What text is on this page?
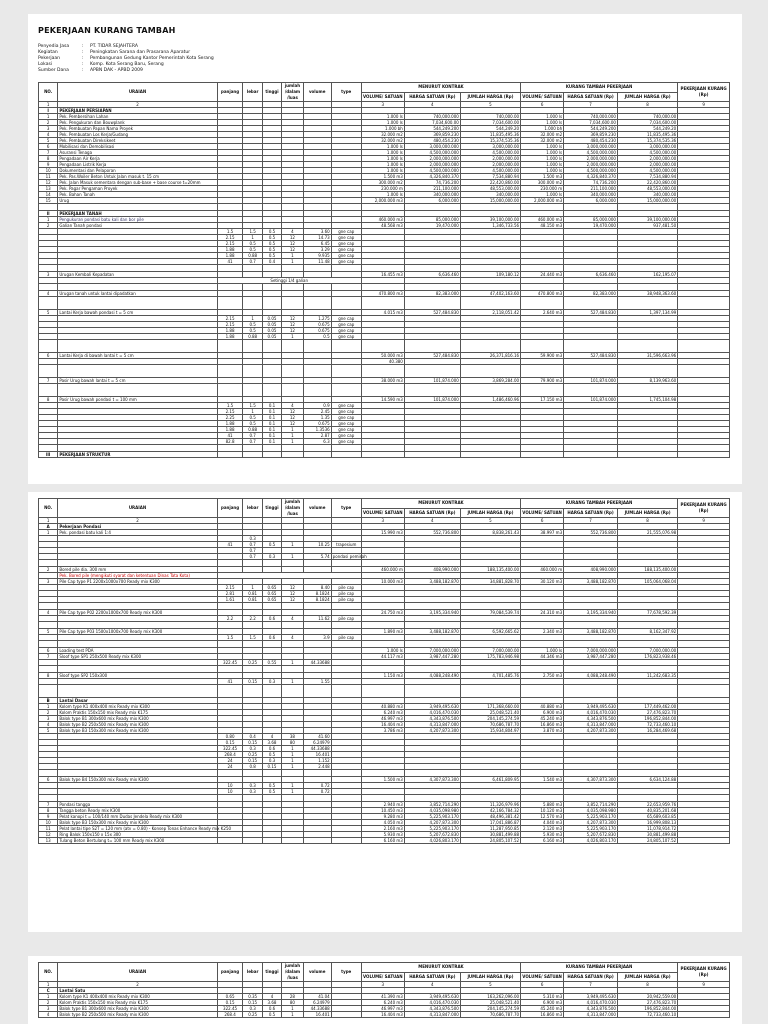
PEKERJAAN KURANG TAMBAH
Penyedia Jasa	:	PT. TIDAR SEJAHTERA
Kegiatan	:	Peningkatan Sarana dan Prasarana Aparatur
Pekerjaan	:	Pembangunan Gedung Kantor Pemerintah Kota Serang
Lokasi	:	Komp. Kota Serang Baru, Serang
Sumber Dana	:	APBN DAK - APBD 2009
NO.	URAIAN	panjang	lebar	tinggi	jumlah /dalam /luas	volume	type	MENURUT KONTRAK			KURANG TAMBAH PEKERJAAN			PEKERJAAN KURANG (Rp)
								VOLUME/ SATUAN	HARGA SATUAN (Rp)	JUMLAH HARGA (Rp)	VOLUME/ SATUAN	HARGA SATUAN (Rp)	JUMLAH HARGA (Rp)	
1	2							3	4	5	6	7	8	9
I	PEKERJAAN PERSIAPAN													
1	Pek. Pembersihan Lahan							1.000 ls	740,000.000	740,000.00	1.000 ls	740,000.000	740,000.00	
2	Pek. Pengukuran dan Bouwplank							1.000 ls	7,034,600.00	7,034,600.00	1.000 ls	7,034,600.00	7,034,600.00	
3	Pek. Pembuatan Papan Nama Proyek							1.000 bh	544,249.200	544,249.20	1.000 bh	544,249.200	544,249.20	
4	Pek. Pembuatan Los Kerja/Gudang							32.000 m2	369,859.230	11,835,495.36	32.000 m2	369,859.230	11,835,495.36	
5	Pek. Pembuatan Direksikeet							32.000 m2	480,454.230	15,374,535.36	32.000 m2	480,454.230	15,374,535.36	
6	Mobilisasi dan Demobilisasi							1.000 ls	3,000,000.000	3,000,000.00	1.000 ls	3,000,000.000	3,000,000.00	
7	Asuransi Tenaga							1.000 ls	4,500,000.000	4,500,000.00	1.000 ls	4,500,000.000	4,500,000.00	
8	Pengadaan Air Kerja							1.000 ls	2,000,000.000	2,000,000.00	1.000 ls	2,000,000.000	2,000,000.00	
9	Pengadaan Listrik Kerja							1.000 ls	2,000,000.000	2,000,000.00	1.000 ls	2,000,000.000	2,000,000.00	
10	Dokumentasi dan Pelaporan							1.000 ls	4,500,000.000	4,500,000.00	1.000 ls	4,500,000.000	4,500,000.00	
11	Pek. Pas.Woiler Beton Untuk Jalan masuk t. 15 cm							1.500 m3	4,326,840.370	7,534,880.94	1.500 m3	4,326,840.370	7,534,880.94	
12	Pek. Jalan Masuk sementara dengan sub-base + base course t=20mm							300.000 m2	74,736.200	22,420,860.00	300.000 m2	74,736.200	22,420,860.00	
13	Pek. Pagar Pengaman Proyek							230.000 m	211,100.000	48,553,000.00	230.000 m	211,100.000	48,553,000.00	
14	Pek. Bahan Tanah							1.000 ls	340,000.000	340,000.00	1.000 ls	340,000.000	340,000.00	
15	Urug							2,000.000 m3	6,000.000	15,000,000.00	2,000.000 m3	6,000.000	15,000,000.00	

II	PEKERJAAN TANAH													
1	Pengukuran pondasi batu kali dan bor pile							460.000 m3	85,000.000	39,100,000.00	460.000 m3	85,000.000	39,100,000.00	
2	Galian Tanah pondasi							48.568 m3	19,470.000	1,346,733.56	48.150 m3	19,470.000	937,481.50	
		1.5	1.5	0.5	4	3.60	gne cap							
		2.15	1	0.5	12	14.73	gne cap							
		2.15	0.5	0.5	12	6.45	gne cap							
		1.88	0.5	0.5	12	3.29	gne cap							
		1.88	0.88	0.5	1	9.935	gne cap							
		41	0.7	0.4	1	11.48	gne cap							

3	Urugan Kembali Kepadatan							16.455 m3	6,636.460	109,180.12	24.440 m3	6,636.460	162,195.07	
		Setinggi 1/4 galian												

4	Urugan tanah untuk lantai dipadatkan							470.800 m3	82,383.000	47,402,163.60	470.800 m3	82,383.000	38,948,363.60	

5	Lantai Kerja bawah pondasi t = 5 cm							4.015 m3	527,484.830	2,118,051.42	2.640 m3	527,484.830	1,397,134.99	
		2.15	1	0.05	12	1.275	gne cap							
		2.15	0.5	0.05	12	0.675	gne cap							
		1.88	0.5	0.05	12	0.675	gne cap							
		1.88	0.88	0.05	1	0.5	gne cap							

6	Lantai Kerja di bawah lantai t = 5 cm							50.000 m3	527,484.830	26,371,816.16	59.900 m3	527,484.830	31,596,663.96	
								40.380						

7	Pasir Urug bawah lantai t = 5 cm							38.000 m3	101,874.000	3,869,284.00	79.900 m3	101,874.000	8,139,963.60	

8	Pasir Urug bawah pondasi t = 100 mm							14.590 m3	101,874.000	1,486,460.96	17.150 m3	101,874.000	1,745,104.98	
		1.5	1.5	0.1	4	0.9	gne cap							
		2.15	1	0.1	12	2.45	gne cap							
		2.25	0.5	0.1	12	1.35	gne cap							
		1.88	0.5	0.1	12	0.675	gne cap							
		1.88	0.88	0.1	1	1.3536	gne cap							
		41	0.7	0.1	1	2.87	gne cap							
		82.8	0.7	0.1	1	6.3	gne cap							

III	PEKERJAAN STRUKTUR													
NO.	URAIAN	panjang	lebar	tinggi	jumlah /dalam /luas	volume	type	MENURUT KONTRAK			KURANG TAMBAH PEKERJAAN			PEKERJAAN KURANG (Rp)
								VOLUME/ SATUAN	HARGA SATUAN (Rp)	JUMLAH HARGA (Rp)	VOLUME/ SATUAN	HARGA SATUAN (Rp)	JUMLAH HARGA (Rp)	
1	2							3	4	5	6	7	8	9
A	Pekerjaan Pondasi													
1	Pek. pondasi batu kali 1:4							15.990 m3	552,736.800	8,838,261.43	38.997 m3	552,736.800	21,555,076.98	
			0.3											
		41	0.7	0.5	1	10.25	trapesium							
			0.7											
			0.7	0.3	1	5.74	pondasi pemisah							

2	Bored pile dia. 300 mm							460.000 m	408,990.000	188,135,400.00	460.000 m	408,990.000	188,135,400.00	
	Pek. Bored pile (mengikuti syarat dan ketentuan Dinas Tata Kota)													
3	Pile Cap type P1 2200x1000x700 Ready mix K300							10.000 m3	3,488,182.870	34,881,828.70	30.120 m3	3,488,182.870	105,064,068.04	
		2.15	1	0.65	12	8.40	pile cap							
		2.81	0.81	0.65	12	8.1824	pile cap							
		1.61	0.81	0.65	12	8.1824	pile cap							

4	Pile Cap type P02 2200x1000x700 Ready mix K300							24.750 m3	3,195,334.940	79,084,539.74	24.310 m3	3,195,334.940	77,678,592.39	
		2.2	2.2	0.6	4	11.62	pile cap							

5	Pile Cap type P03 1500x1000x700 Ready mix K300							1.890 m3	3,488,182.870	6,592,665.62	2.340 m3	3,488,182.870	8,162,347.92	
		1.5	1.5	0.6	4	3.9	pile cap							

6	Loading test PDA							1.000 ls	7,000,000.000	7,000,000.00	1.000 ls	7,000,000.000	7,000,000.00	
7	Sloof type SP1 250x500 Ready mix K300							44.117 m3	3,987,447.280	175,783,946.98	44.346 m3	3,987,447.280	176,823,938.46	
		322.45	0.25	0.55	1	44.33688								

8	Sloof type SP2 150x300							1.150 m3	4,088,248.490	4,701,485.76	2.750 m3	4,088,248.490	11,242,683.35	
		41	0.15	0.3	1	1.55								

B	Lantai Dasar													
1	Kolom type K1 400x400 mix Ready mix K300							40.880 m3	3,949,495.630	171,368,660.00	40.880 m3	3,949,495.630	177,449,462.00	
2	Kolom Praktis 150x150 mix Ready mix K175							6.240 m3	4,016,470.030	25,048,521.40	6.900 m3	4,016,470.030	27,476,823.70	
3	Balok type B1 300x600 mix Ready mix K300							46.997 m3	4,343,876.500	204,145,274.59	45.240 m3	4,343,876.500	196,852,844.00	
4	Balok type B2 250x500 mix Ready mix K300							16.404 m3	4,313,847.000	70,686,787.70	16.860 m3	4,313,847.000	72,733,460.10	
5	Balok type B3 150x300 mix Ready mix K300							3.786 m3	4,207,873.300	15,934,804.97	3.870 m3	4,207,873.300	16,284,469.68	
		0.80	0.4	4	38	41.60								
		0.15	0.15	3.68	80	6.24979								
		322.45	0.3	0.6	1	44.33688								
		268.4	0.25	0.5	1	16.401								
		24	0.15	0.3	1	1.152								
		24	0.8	0.15	1	2.448								

6	Balok type B4 150x300 mix Ready mix K300							1.500 m3	4,307,873.300	6,461,809.95	1.540 m3	4,307,873.300	6,634,124.88	
		10	0.3	0.5	1	0.72								
		10	0.3	0.5	1	0.72								

7	Pondasi tangga							2.940 m3	3,852,714.290	11,326,979.96	5.880 m3	3,852,714.290	22,653,959.76	
8	Tangga beton Ready mix K300							10.450 m3	4,035,098.980	42,166,784.32	10.120 m3	4,035,098.980	40,835,201.68	
9	Pelat kanopi t = 100/140 mm Dudas Jendela Ready mix K300							9.280 m3	5,225,903.170	48,496,381.42	12.570 m3	5,225,903.170	65,689,603.85	
10	Balok type B3 150x300 mix Ready mix K300							4.050 m3	4,207,873.300	17,041,886.87	4.040 m3	4,207,873.300	16,999,808.13	
11	Pelat lantai tipe S2T = 120 mm (atv = 0.80) - Konsep Tonas Enhance Ready mix K250							2.160 m3	5,225,903.170	11,287,950.85	2.120 m3	5,225,903.170	11,078,914.72	
12	Ring Balok 150x150 x 15x 300							5.930 m3	5,207,672.830	30,881,499.88	5.930 m3	5,207,672.830	30,881,499.88	
13	Tulang Beton Bertulang t= 100 mm Ready mix K300							6.160 m3	4,026,803.170	24,805,107.52	6.160 m3	4,026,803.170	24,805,107.52	
NO.	URAIAN	panjang	lebar	tinggi	jumlah /dalam /luas	volume	type	MENURUT KONTRAK			KURANG TAMBAH PEKERJAAN			PEKERJAAN KURANG (Rp)
								VOLUME/ SATUAN	HARGA SATUAN (Rp)	JUMLAH HARGA (Rp)	VOLUME/ SATUAN	HARGA SATUAN (Rp)	JUMLAH HARGA (Rp)	
1	2							3	4	5	6	7	8	9
C	Lantai Satu													
1	Kolom type K1 400x400 mix Ready mix K300	0.65	0.35	4	28	41.04		41.390 m3	3,949,495.630	163,262,096.00	5.310 m3	3,949,495.630	20,942,559.00	
2	Kolom Praktis 150x150 mix Ready mix K175	0.15	0.15	3.68	80	6.24979		6.240 m3	4,016,470.030	25,048,521.40	6.900 m3	4,016,470.030	27,476,823.70	
3	Balok type B1 300x600 mix Ready mix K300	322.45	0.3	0.6	1	44.33688		46.997 m3	4,343,876.500	204,145,274.59	45.240 m3	4,343,876.500	196,852,844.00	
4	Balok type B2 250x500 mix Ready mix K300	268.4	0.25	0.5	1	16.401		16.404 m3	4,313,847.000	70,686,787.70	16.860 m3	4,313,847.000	72,733,460.10	
